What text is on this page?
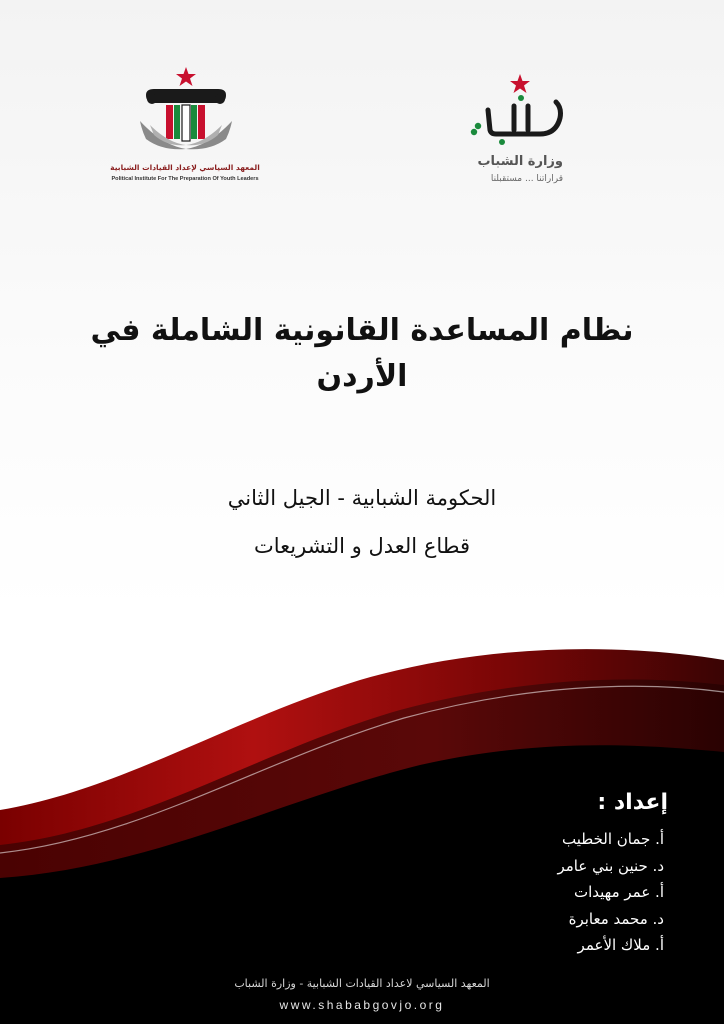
المعهد السياسي لإعداد القيادات الشبابية
Political Institute For The Preparation Of Youth Leaders
وزارة الشباب
قراراتنا ... مستقبلنا
نظام المساعدة القانونية الشاملة في
الأردن
الحكومة الشبابية - الجيل الثاني
قطاع العدل و التشريعات
إعداد :
أ. جمان الخطيب
د. حنين بني عامر
أ. عمر مهيدات
د. محمد معابرة
أ. ملاك الأعمر
المعهد السياسي لاعداد القيادات الشبابية - وزارة الشباب
www.shababgovjo.org
